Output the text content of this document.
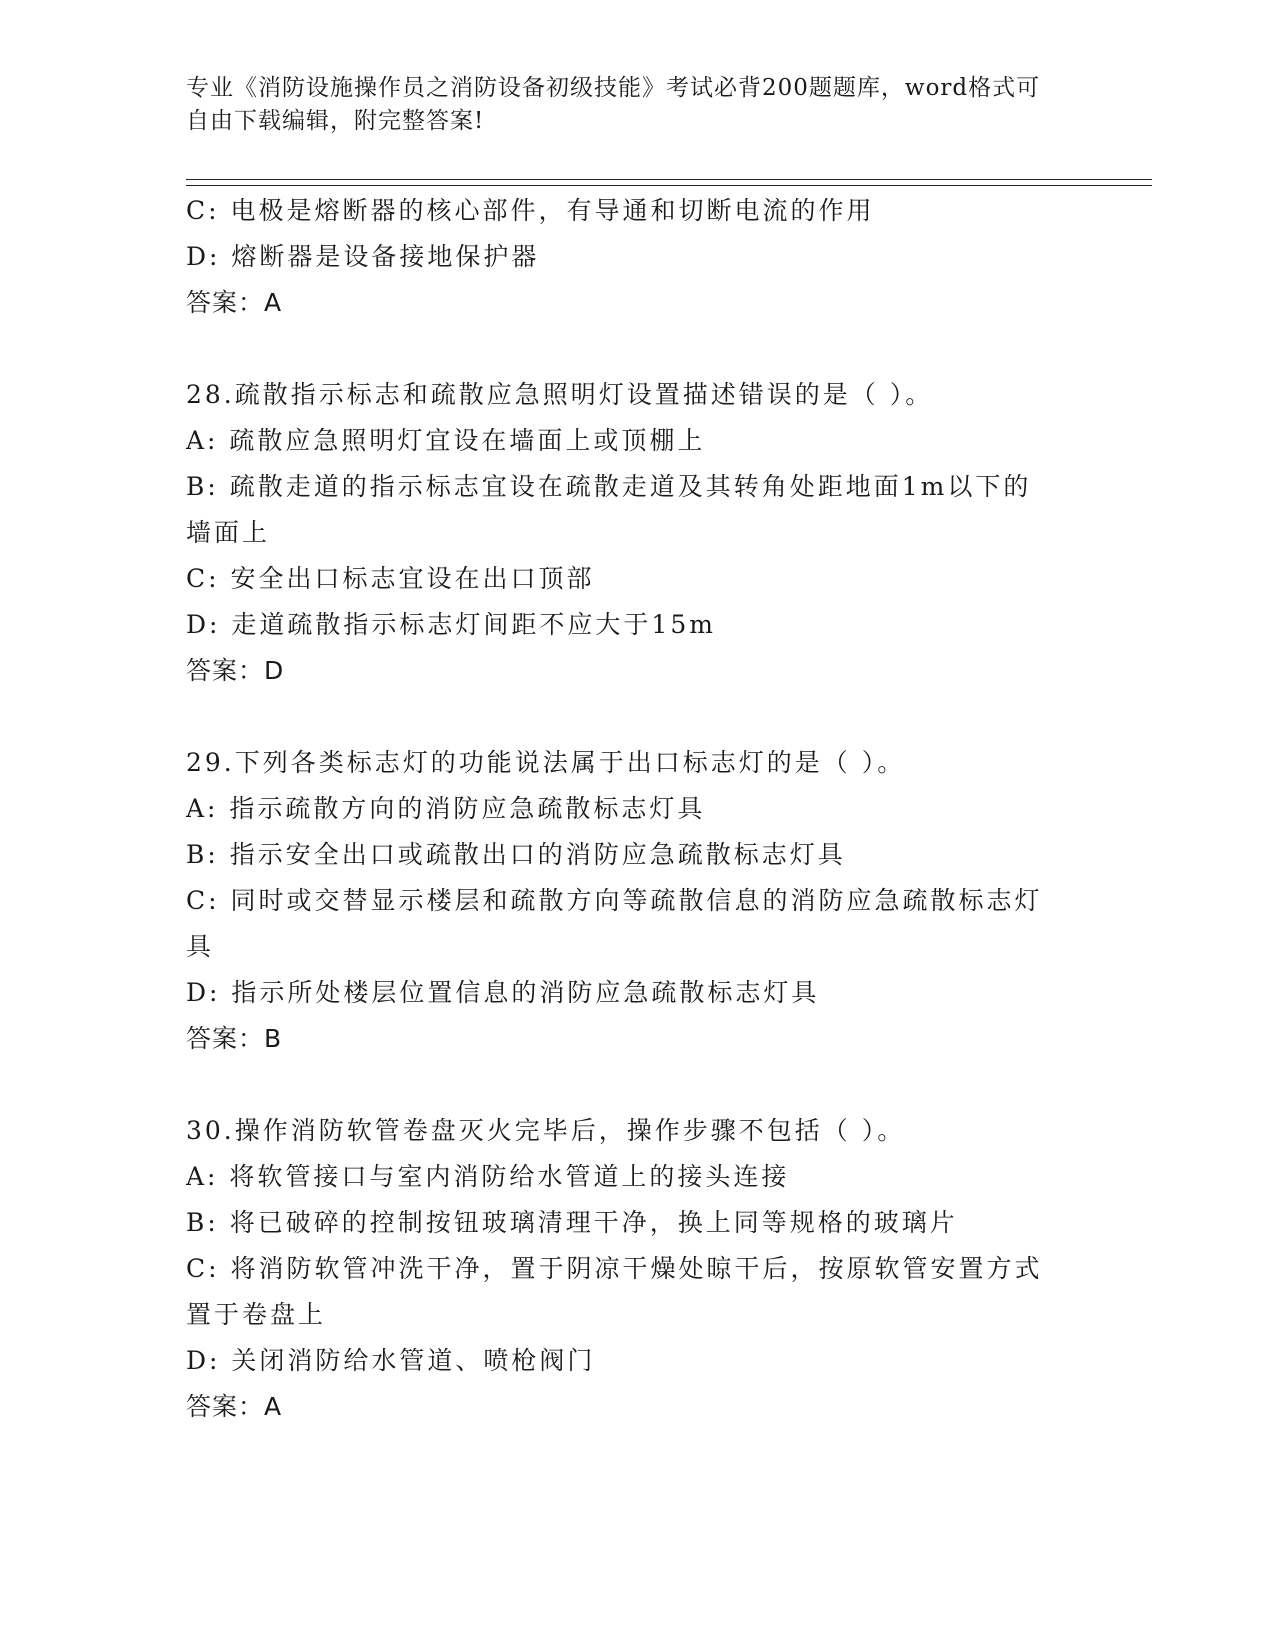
专业《消防设施操作员之消防设备初级技能》考试必背200题题库，word格式可
自由下载编辑，附完整答案!
C: 电极是熔断器的核心部件，有导通和切断电流的作用
D: 熔断器是设备接地保护器
答案：A
28.疏散指示标志和疏散应急照明灯设置描述错误的是（ ）。
A: 疏散应急照明灯宜设在墙面上或顶棚上
B: 疏散走道的指示标志宜设在疏散走道及其转角处距地面1m以下的
墙面上
C: 安全出口标志宜设在出口顶部
D: 走道疏散指示标志灯间距不应大于15m
答案：D
29.下列各类标志灯的功能说法属于出口标志灯的是（ ）。
A: 指示疏散方向的消防应急疏散标志灯具
B: 指示安全出口或疏散出口的消防应急疏散标志灯具
C: 同时或交替显示楼层和疏散方向等疏散信息的消防应急疏散标志灯
具
D: 指示所处楼层位置信息的消防应急疏散标志灯具
答案：B
30.操作消防软管卷盘灭火完毕后，操作步骤不包括（ ）。
A: 将软管接口与室内消防给水管道上的接头连接
B: 将已破碎的控制按钮玻璃清理干净，换上同等规格的玻璃片
C: 将消防软管冲洗干净，置于阴凉干燥处晾干后，按原软管安置方式
置于卷盘上
D: 关闭消防给水管道、喷枪阀门
答案：A
